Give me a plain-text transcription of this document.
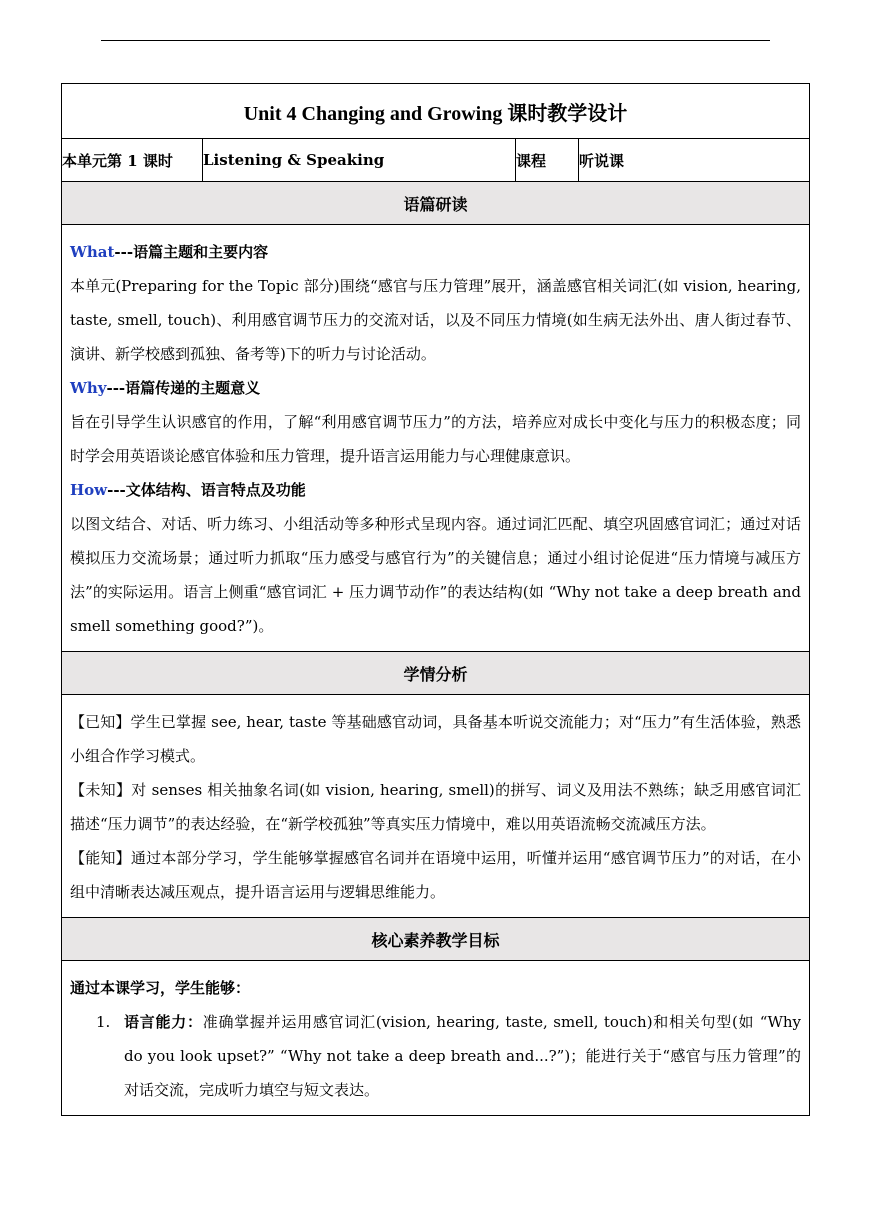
Unit 4 Changing and Growing 课时教学设计
本单元第 1 课时	Listening & Speaking	课程	听说课
语篇研读

What---语篇主题和主要内容

本单元(Preparing for the Topic 部分)围绕“感官与压力管理”展开，涵盖感官相关词汇(如 vision, hearing, taste, smell, touch)、利用感官调节压力的交流对话，以及不同压力情境(如生病无法外出、唐人街过春节、演讲、新学校感到孤独、备考等)下的听力与讨论活动。

Why---语篇传递的主题意义

旨在引导学生认识感官的作用，了解“利用感官调节压力”的方法，培养应对成长中变化与压力的积极态度；同时学会用英语谈论感官体验和压力管理，提升语言运用能力与心理健康意识。

How---文体结构、语言特点及功能

以图文结合、对话、听力练习、小组活动等多种形式呈现内容。通过词汇匹配、填空巩固感官词汇；通过对话模拟压力交流场景；通过听力抓取“压力感受与感官行为”的关键信息；通过小组讨论促进“压力情境与减压方法”的实际运用。语言上侧重“感官词汇 + 压力调节动作”的表达结构(如 “Why not take a deep breath and smell something good?”)。

学情分析

【已知】学生已掌握 see, hear, taste 等基础感官动词，具备基本听说交流能力；对“压力”有生活体验，熟悉小组合作学习模式。

【未知】对 senses 相关抽象名词(如 vision, hearing, smell)的拼写、词义及用法不熟练；缺乏用感官词汇描述“压力调节”的表达经验，在“新学校孤独”等真实压力情境中，难以用英语流畅交流减压方法。

【能知】通过本部分学习，学生能够掌握感官名词并在语境中运用，听懂并运用“感官调节压力”的对话，在小组中清晰表达减压观点，提升语言运用与逻辑思维能力。

核心素养教学目标

通过本课学习，学生能够：
1. 语言能力：准确掌握并运用感官词汇(vision, hearing, taste, smell, touch)和相关句型(如 “Why do you look upset?” “Why not take a deep breath and...?”)；能进行关于“感官与压力管理”的对话交流，完成听力填空与短文表达。
